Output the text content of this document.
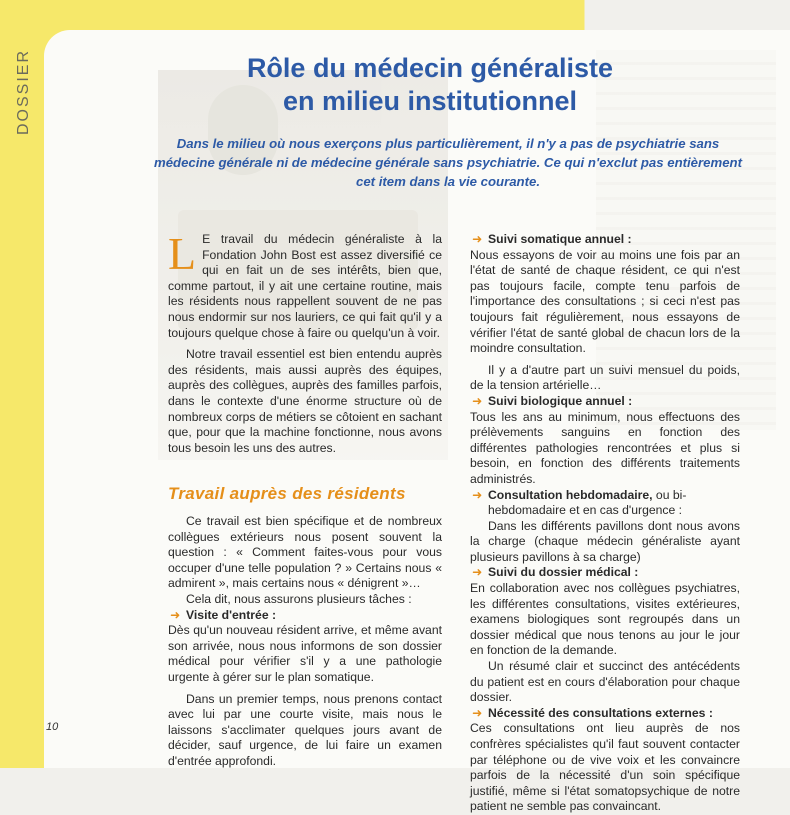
DOSSIER	Rôle du médecin généraliste
en milieu institutionnel
Dans le milieu où nous exerçons plus particulièrement, il n'y a pas de psychiatrie sans médecine générale ni de médecine générale sans psychiatrie. Ce qui n'exclut pas entièrement cet item dans la vie courante.

L E travail du médecin généraliste à la Fondation John Bost est assez diversifié ce qui en fait un de ses intérêts, bien que, comme partout, il y ait une certaine routine, mais les résidents nous rappellent souvent de ne pas nous endormir sur nos lauriers, ce qui fait qu'il y a toujours quelque chose à faire ou quelqu'un à voir.

Notre travail essentiel est bien entendu auprès des résidents, mais aussi auprès des équipes, auprès des collègues, auprès des familles parfois, dans le contexte d'une énorme structure où de nombreux corps de métiers se côtoient en sachant que, pour que la machine fonctionne, nous avons tous besoin les uns des autres.

Travail auprès des résidents

Ce travail est bien spécifique et de nombreux collègues extérieurs nous posent souvent la question : « Comment faites-vous pour vous occuper d'une telle population ? » Certains nous « admirent », mais certains nous « dénigrent »…

Cela dit, nous assurons plusieurs tâches :

➜ Visite d'entrée :

Dès qu'un nouveau résident arrive, et même avant son arrivée, nous nous informons de son dossier médical pour vérifier s'il y a une pathologie urgente à gérer sur le plan somatique.

Dans un premier temps, nous prenons contact avec lui par une courte visite, mais nous le laissons s'acclimater quelques jours avant de décider, sauf urgence, de lui faire un examen d'entrée approfondi.

➜ Suivi somatique annuel :

Nous essayons de voir au moins une fois par an l'état de santé de chaque résident, ce qui n'est pas toujours facile, compte tenu parfois de l'importance des consultations ; si ceci n'est pas toujours fait régulièrement, nous essayons de vérifier l'état de santé global de chacun lors de la moindre consultation.

Il y a d'autre part un suivi mensuel du poids, de la tension artérielle…

➜ Suivi biologique annuel :

Tous les ans au minimum, nous effectuons des prélèvements sanguins en fonction des différentes pathologies rencontrées et plus si besoin, en fonction des différents traitements administrés.

➜ Consultation hebdomadaire, ou bi-hebdomadaire et en cas d'urgence :

Dans les différents pavillons dont nous avons la charge (chaque médecin généraliste ayant plusieurs pavillons à sa charge)

➜ Suivi du dossier médical :

En collaboration avec nos collègues psychiatres, les différentes consultations, visites extérieures, examens biologiques sont regroupés dans un dossier médical que nous tenons au jour le jour en fonction de la demande.

Un résumé clair et succinct des antécédents du patient est en cours d'élaboration pour chaque dossier.

➜ Nécessité des consultations externes :

Ces consultations ont lieu auprès de nos confrères spécialistes qu'il faut souvent contacter par téléphone ou de vive voix et les convaincre parfois de la nécessité d'un soin spécifique justifié, même si l'état somatopsychique de notre patient ne semble pas convaincant.

10
